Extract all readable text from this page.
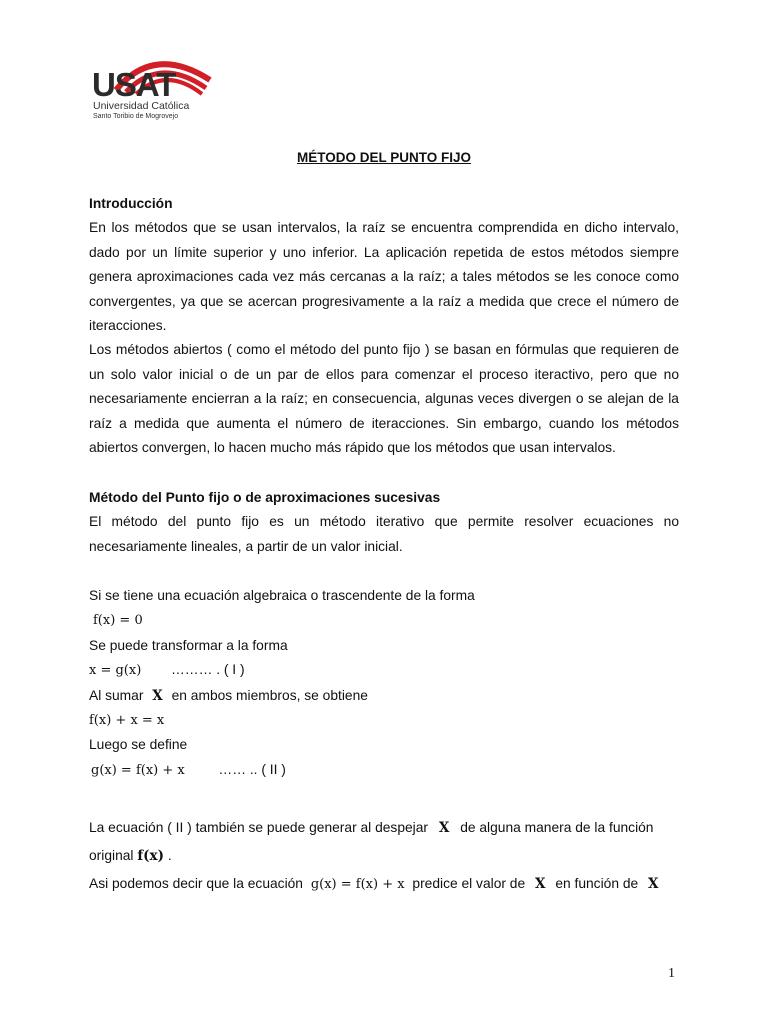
USAT
Universidad Católica
Santo Toribio de Mogrovejo
MÉTODO DEL PUNTO FIJO
Introducción
En los métodos que se usan intervalos, la raíz se encuentra comprendida en dicho intervalo, dado por un límite superior y uno inferior. La aplicación repetida de estos métodos siempre genera aproximaciones cada vez más cercanas a la raíz; a tales métodos se les conoce como convergentes, ya que se acercan progresivamente a la raíz a medida que crece el número de iteracciones.
Los métodos abiertos ( como el método del punto fijo ) se basan en fórmulas que requieren de un solo valor inicial o de un par de ellos para comenzar el proceso iteractivo, pero que no necesariamente encierran a la raíz; en consecuencia, algunas veces divergen o se alejan de la raíz a medida que aumenta el número de iteracciones. Sin embargo, cuando los métodos abiertos convergen, lo hacen mucho más rápido que los métodos que usan intervalos.
Método del Punto fijo o de aproximaciones sucesivas
El método del punto fijo es un método iterativo que permite resolver ecuaciones no necesariamente lineales, a partir de un valor inicial.
Si se tiene una ecuación algebraica o trascendente de la forma
f(x) = 0
Se puede transformar a la forma
x = g(x) ……… . ( I )
Al sumar X en ambos miembros, se obtiene
f(x) + x = x
Luego se define
g(x) = f(x) + x …… .. ( II )
La ecuación ( II ) también se puede generar al despejar X de alguna manera de la función
original f(x) .
Asi podemos decir que la ecuación g(x) = f(x) + x predice el valor de X en función de X
1
